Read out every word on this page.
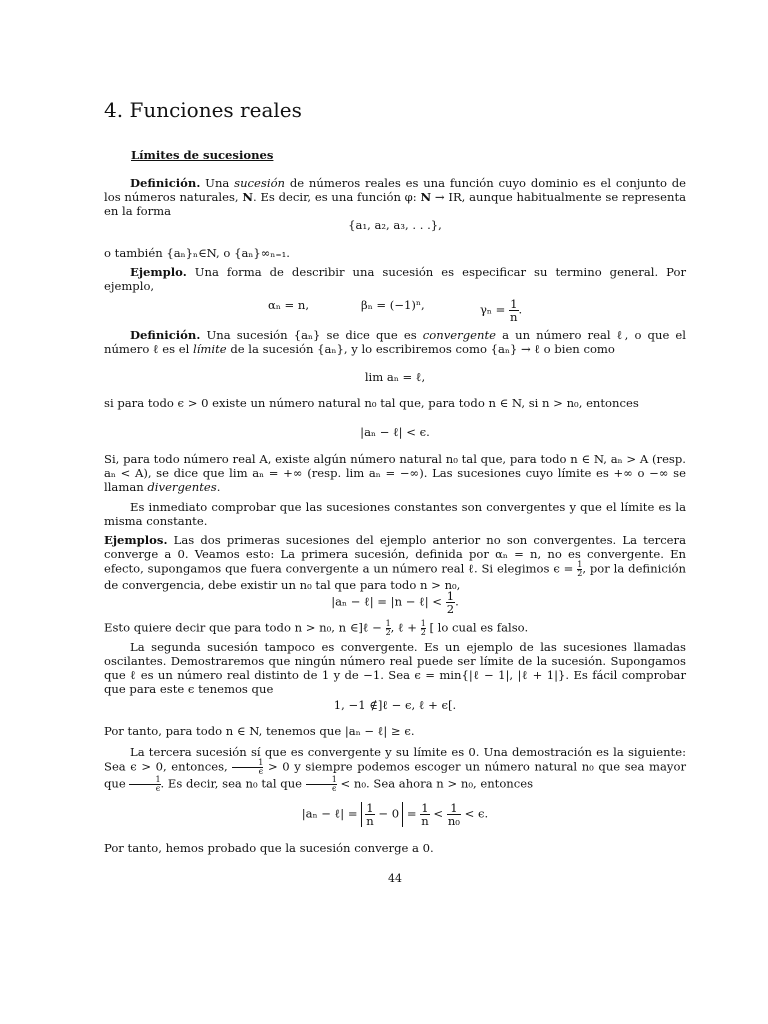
4. Funciones reales
Límites de sucesiones
Definición. Una sucesión de números reales es una función cuyo dominio es el conjunto de los números naturales, N. Es decir, es una función φ: N → IR, aunque habitualmente se representa en la forma
{a₁, a₂, a₃, . . .},
o también {aₙ}ₙ∈N, o {aₙ}∞ₙ₌₁.
Ejemplo. Una forma de describir una sucesión es especificar su termino general. Por ejemplo,
αₙ = n,	βₙ = (−1)ⁿ,	$\gamma_n = \frac{1}{n}$ .
Definición. Una sucesión {aₙ} se dice que es convergente a un número real ℓ, o que el número ℓ es el límite de la sucesión {aₙ}, y lo escribiremos como {aₙ} → ℓ o bien como
lim aₙ = ℓ,
si para todo ϵ > 0 existe un número natural n₀ tal que, para todo n ∈ N, si n > n₀, entonces
|aₙ − ℓ| < ϵ.
Si, para todo número real A, existe algún número natural n₀ tal que, para todo n ∈ N, aₙ > A (resp. aₙ < A), se dice que lim aₙ = +∞ (resp. lim aₙ = −∞). Las sucesiones cuyo límite es +∞ o −∞ se llaman divergentes.
Es inmediato comprobar que las sucesiones constantes son convergentes y que el límite es la misma constante.
Ejemplos. Las dos primeras sucesiones del ejemplo anterior no son convergentes. La tercera converge a 0. Veamos esto: La primera sucesión, definida por αₙ = n, no es convergente. En efecto, supongamos que fuera convergente a un número real ℓ. Si elegimos $\epsilon = \frac{1}{2}$ , por la definición de convergencia, debe existir un n₀ tal que para todo n > n₀,
|aₙ − ℓ| = |n − ℓ| < $\frac{1}{2}$ .
Esto quiere decir que para todo n > n₀, n ∈]ℓ − $\frac{1}{2}$ , ℓ + $\frac{1}{2}$ [ lo cual es falso.
La segunda sucesión tampoco es convergente. Es un ejemplo de las sucesiones llamadas oscilantes. Demostraremos que ningún número real puede ser límite de la sucesión. Supongamos que ℓ es un número real distinto de 1 y de −1. Sea ϵ = min{|ℓ − 1|, |ℓ + 1|}. Es fácil comprobar que para este ϵ tenemos que
1, −1 ∉]ℓ − ϵ, ℓ + ϵ[.
Por tanto, para todo n ∈ N, tenemos que |aₙ − ℓ| ≥ ϵ.
La tercera sucesión sí que es convergente y su límite es 0. Una demostración es la siguiente: Sea ϵ > 0, entonces, $\frac{1}{\epsilon} > 0$ y siempre podemos escoger un número natural n₀ que sea mayor que $\frac{1}{\epsilon}$ . Es decir, sea n₀ tal que $\frac{1}{\epsilon} < n_0$. Sea ahora n > n₀, entonces
|aₙ − ℓ| = $\frac{1}{n} - 0 = \frac{1}{n} < \frac{1}{\text{n₀}} < \epsilon$.
Por tanto, hemos probado que la sucesión converge a 0.
44
